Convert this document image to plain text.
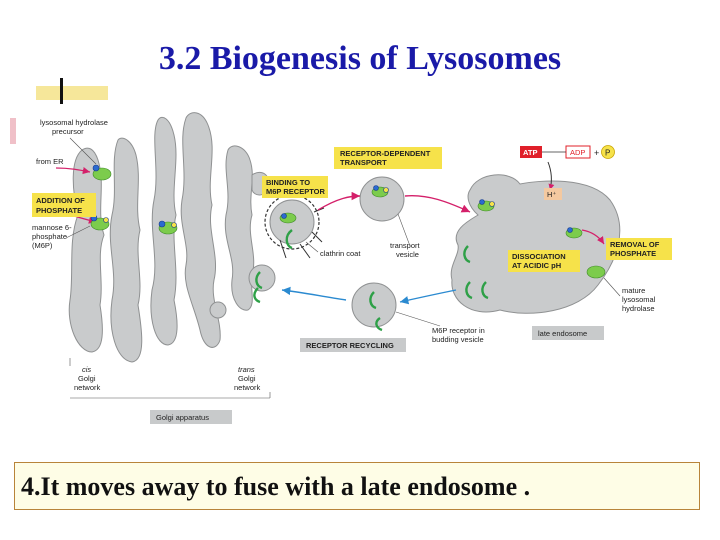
3.2 Biogenesis of Lysosomes
ADDITION OF
PHOSPHATE
BINDING TO
M6P RECEPTOR
RECEPTOR-DEPENDENT
TRANSPORT
DISSOCIATION
AT ACIDIC pH
REMOVAL OF
PHOSPHATE
RECEPTOR RECYCLING
late endosome
Golgi apparatus
ATP	ADP + P
H⁺
lysosomal hydrolase
precursor
from ER
mannose 6-
phosphate
(M6P)
clathrin coat
transport
vesicle
mature
lysosomal
hydrolase
M6P receptor in
budding vesicle
cis
Golgi
network
trans
Golgi
network
4.It moves away to fuse with a late endosome .
